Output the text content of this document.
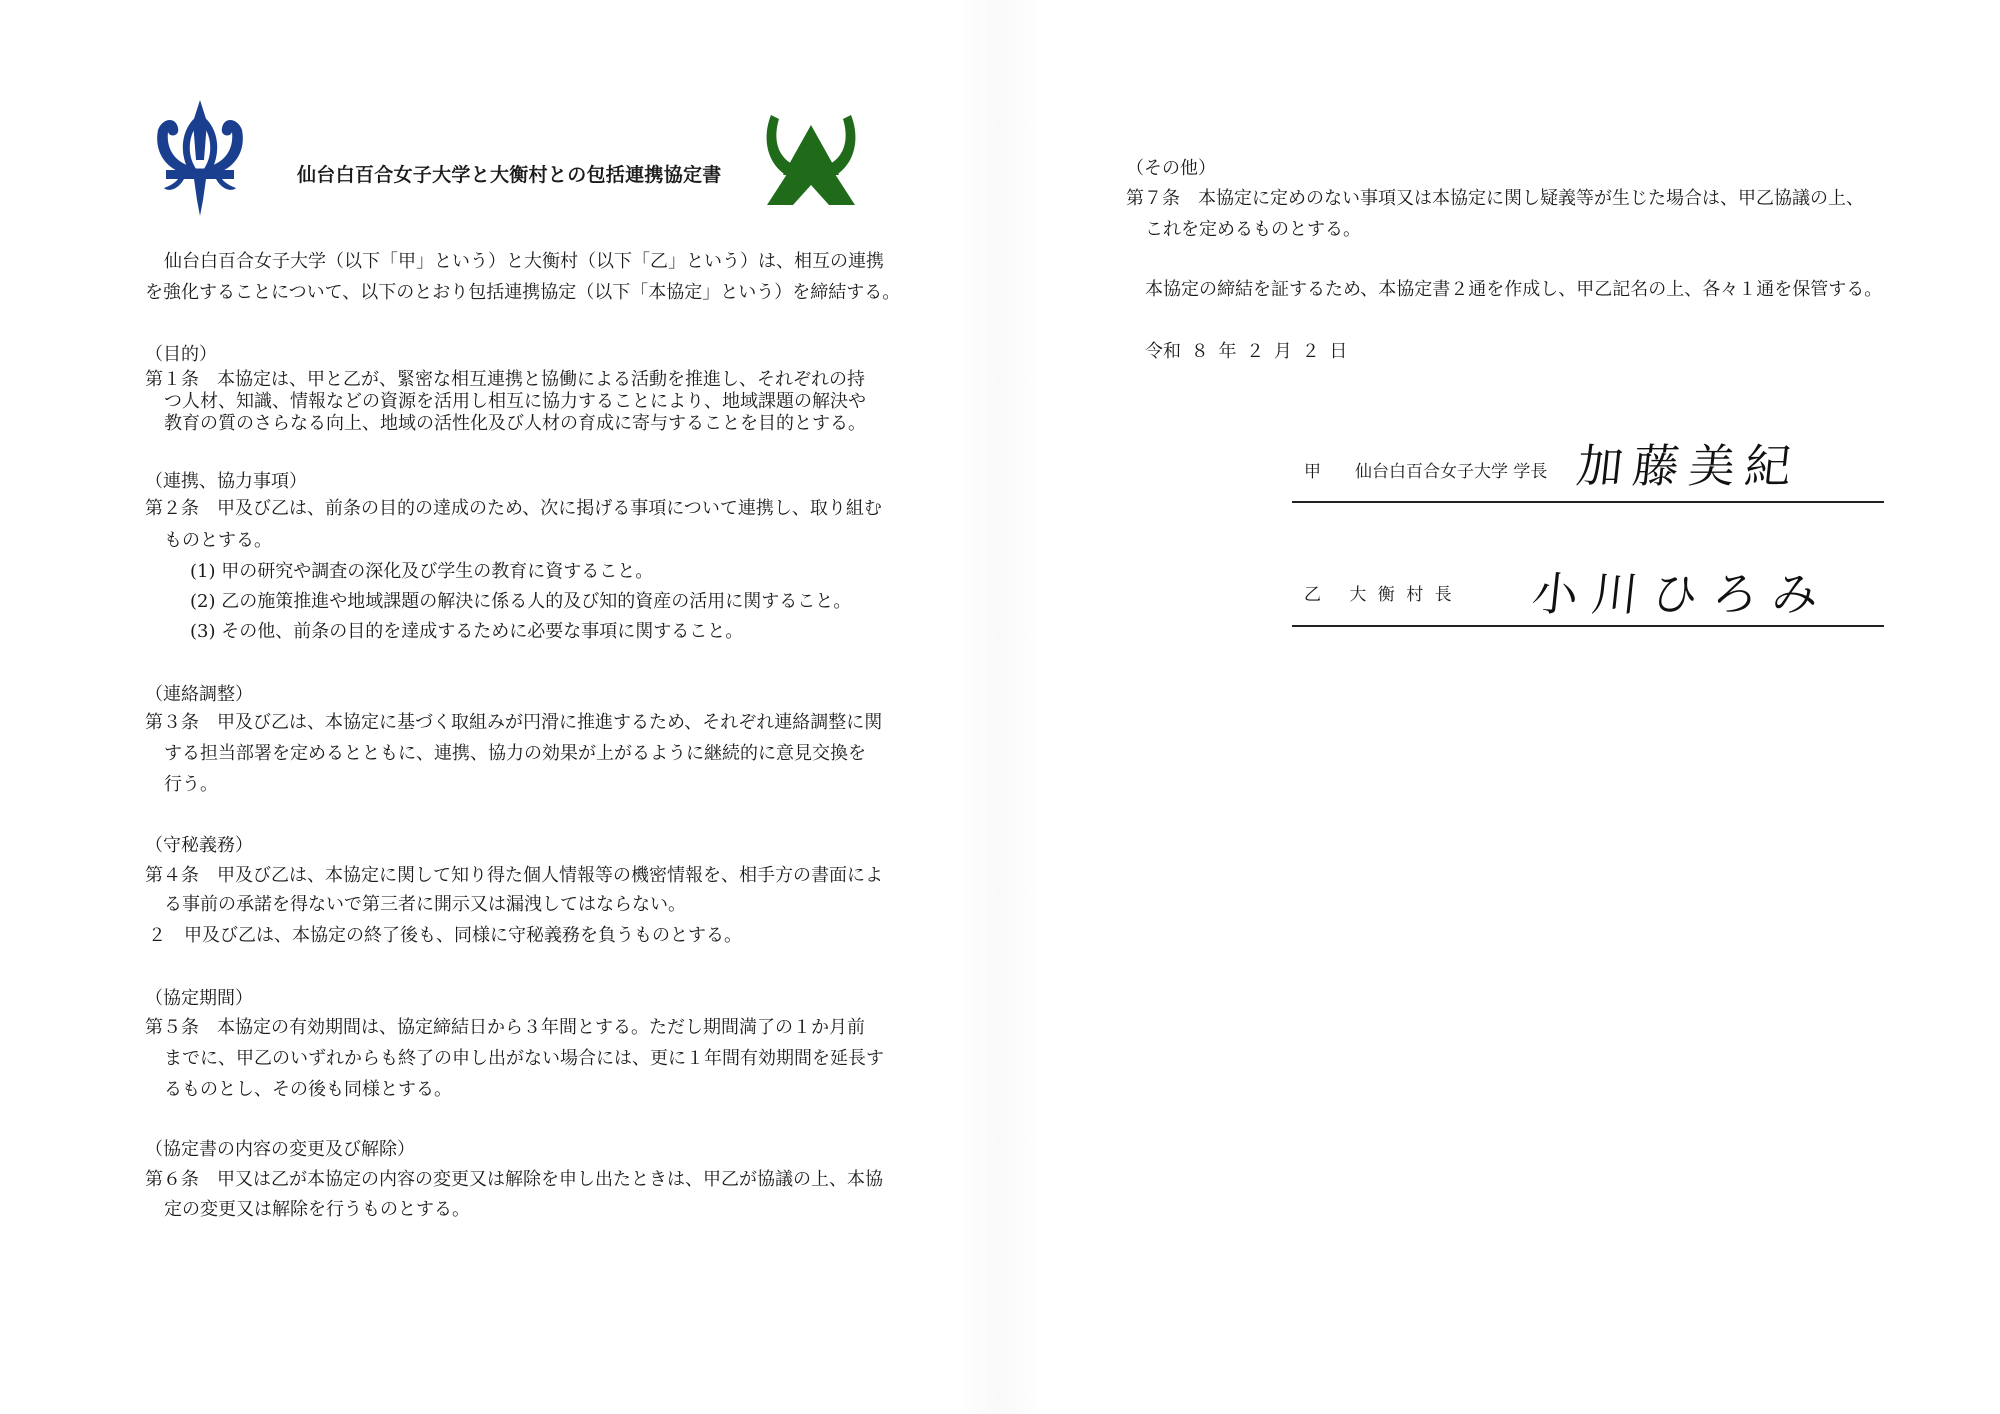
仙台白百合女子大学と大衡村との包括連携協定書
仙台白百合女子大学（以下「甲」という）と大衡村（以下「乙」という）は、相互の連携
を強化することについて、以下のとおり包括連携協定（以下「本協定」という）を締結する。
（目的）
第１条　本協定は、甲と乙が、緊密な相互連携と協働による活動を推進し、それぞれの持
つ人材、知識、情報などの資源を活用し相互に協力することにより、地域課題の解決や
教育の質のさらなる向上、地域の活性化及び人材の育成に寄与することを目的とする。
（連携、協力事項）
第２条　甲及び乙は、前条の目的の達成のため、次に掲げる事項について連携し、取り組む
ものとする。
(1) 甲の研究や調査の深化及び学生の教育に資すること。
(2) 乙の施策推進や地域課題の解決に係る人的及び知的資産の活用に関すること。
(3) その他、前条の目的を達成するために必要な事項に関すること。
（連絡調整）
第３条　甲及び乙は、本協定に基づく取組みが円滑に推進するため、それぞれ連絡調整に関
する担当部署を定めるとともに、連携、協力の効果が上がるように継続的に意見交換を
行う。
（守秘義務）
第４条　甲及び乙は、本協定に関して知り得た個人情報等の機密情報を、相手方の書面によ
る事前の承諾を得ないで第三者に開示又は漏洩してはならない。
２　甲及び乙は、本協定の終了後も、同様に守秘義務を負うものとする。
（協定期間）
第５条　本協定の有効期間は、協定締結日から３年間とする。ただし期間満了の１か月前
までに、甲乙のいずれからも終了の申し出がない場合には、更に１年間有効期間を延長す
るものとし、その後も同様とする。
（協定書の内容の変更及び解除）
第６条　甲又は乙が本協定の内容の変更又は解除を申し出たときは、甲乙が協議の上、本協
定の変更又は解除を行うものとする。
（その他）
第７条　本協定に定めのない事項又は本協定に関し疑義等が生じた場合は、甲乙協議の上、
これを定めるものとする。
本協定の締結を証するため、本協定書２通を作成し、甲乙記名の上、各々１通を保管する。
令和 ８ 年 ２ 月 ２ 日
甲　　仙台白百合女子大学 学長 加藤美紀
乙　 大 衡 村 長 小川ひろみ
